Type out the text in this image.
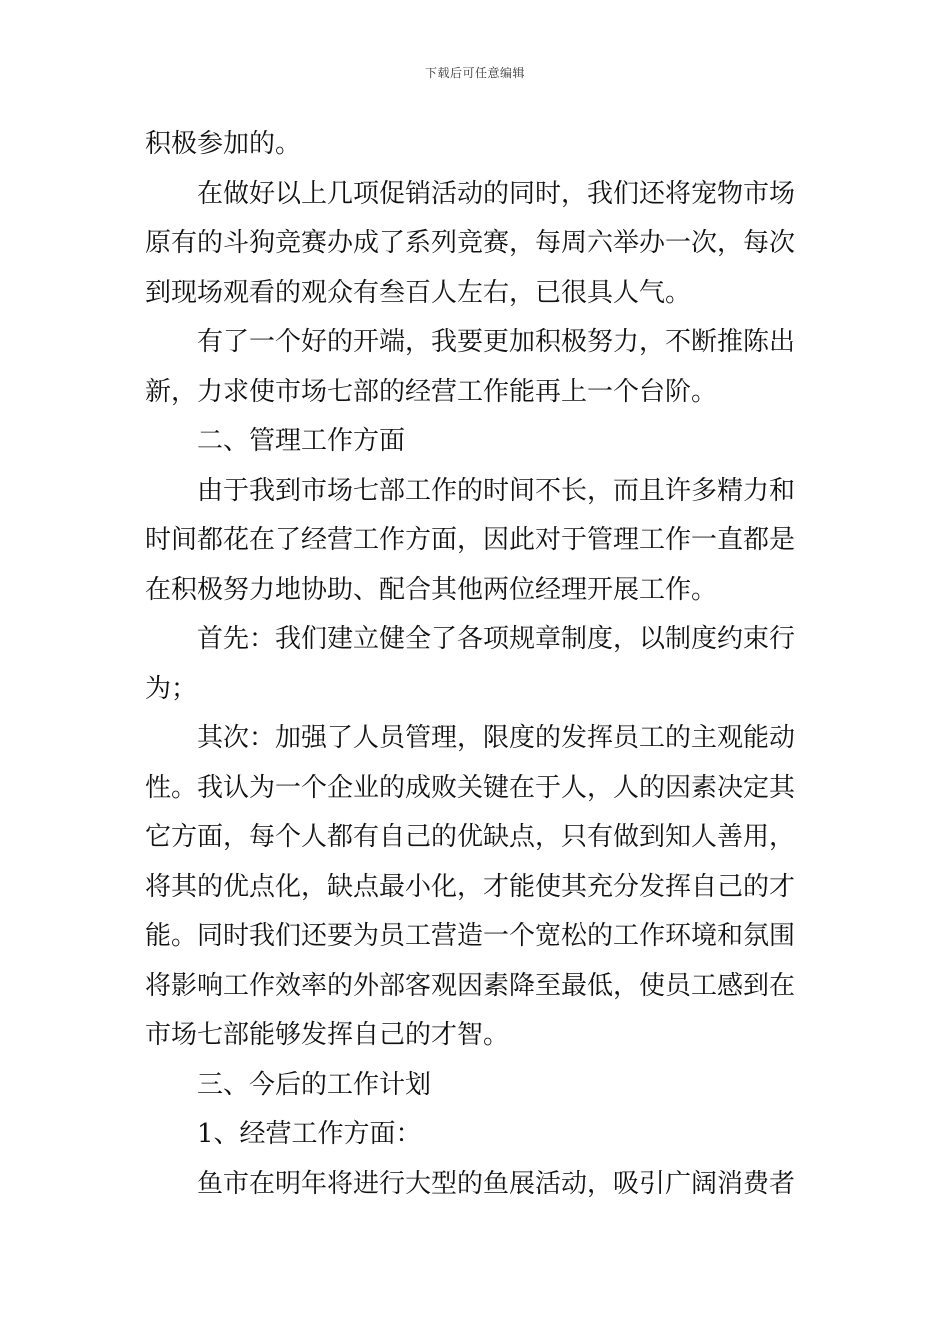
下载后可任意编辑
积极参加的。
在做好以上几项促销活动的同时，我们还将宠物市场
原有的斗狗竞赛办成了系列竞赛，每周六举办一次，每次
到现场观看的观众有叁百人左右，已很具人气。
有了一个好的开端，我要更加积极努力，不断推陈出
新，力求使市场七部的经营工作能再上一个台阶。
二、管理工作方面
由于我到市场七部工作的时间不长，而且许多精力和
时间都花在了经营工作方面，因此对于管理工作一直都是
在积极努力地协助、配合其他两位经理开展工作。
首先：我们建立健全了各项规章制度，以制度约束行
为；
其次：加强了人员管理，限度的发挥员工的主观能动
性。我认为一个企业的成败关键在于人，人的因素决定其
它方面，每个人都有自己的优缺点，只有做到知人善用，
将其的优点化，缺点最小化，才能使其充分发挥自己的才
能。同时我们还要为员工营造一个宽松的工作环境和氛围
将影响工作效率的外部客观因素降至最低，使员工感到在
市场七部能够发挥自己的才智。
三、今后的工作计划
1、经营工作方面：
鱼市在明年将进行大型的鱼展活动，吸引广阔消费者
